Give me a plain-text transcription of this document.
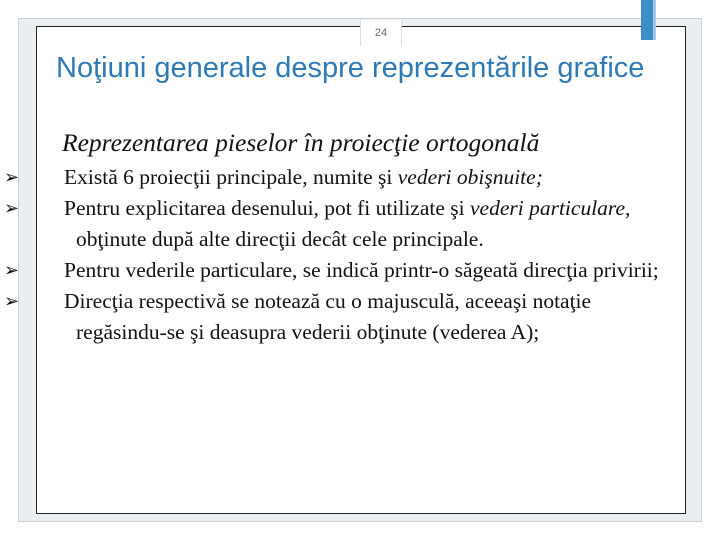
24
Noţiuni generale despre reprezentările grafice
Reprezentarea pieselor în proiecţie ortogonală
➢	Există 6 proiecţii principale, numite şi vederi obişnuite;
➢	Pentru explicitarea desenului, pot fi utilizate şi vederi particulare, obţinute după alte direcţii decât cele principale.
➢	Pentru vederile particulare, se indică printr-o săgeată direcţia privirii;
➢	Direcţia respectivă se notează cu o majusculă, aceeaşi notaţie regăsindu-se şi deasupra vederii obţinute (vederea A);
